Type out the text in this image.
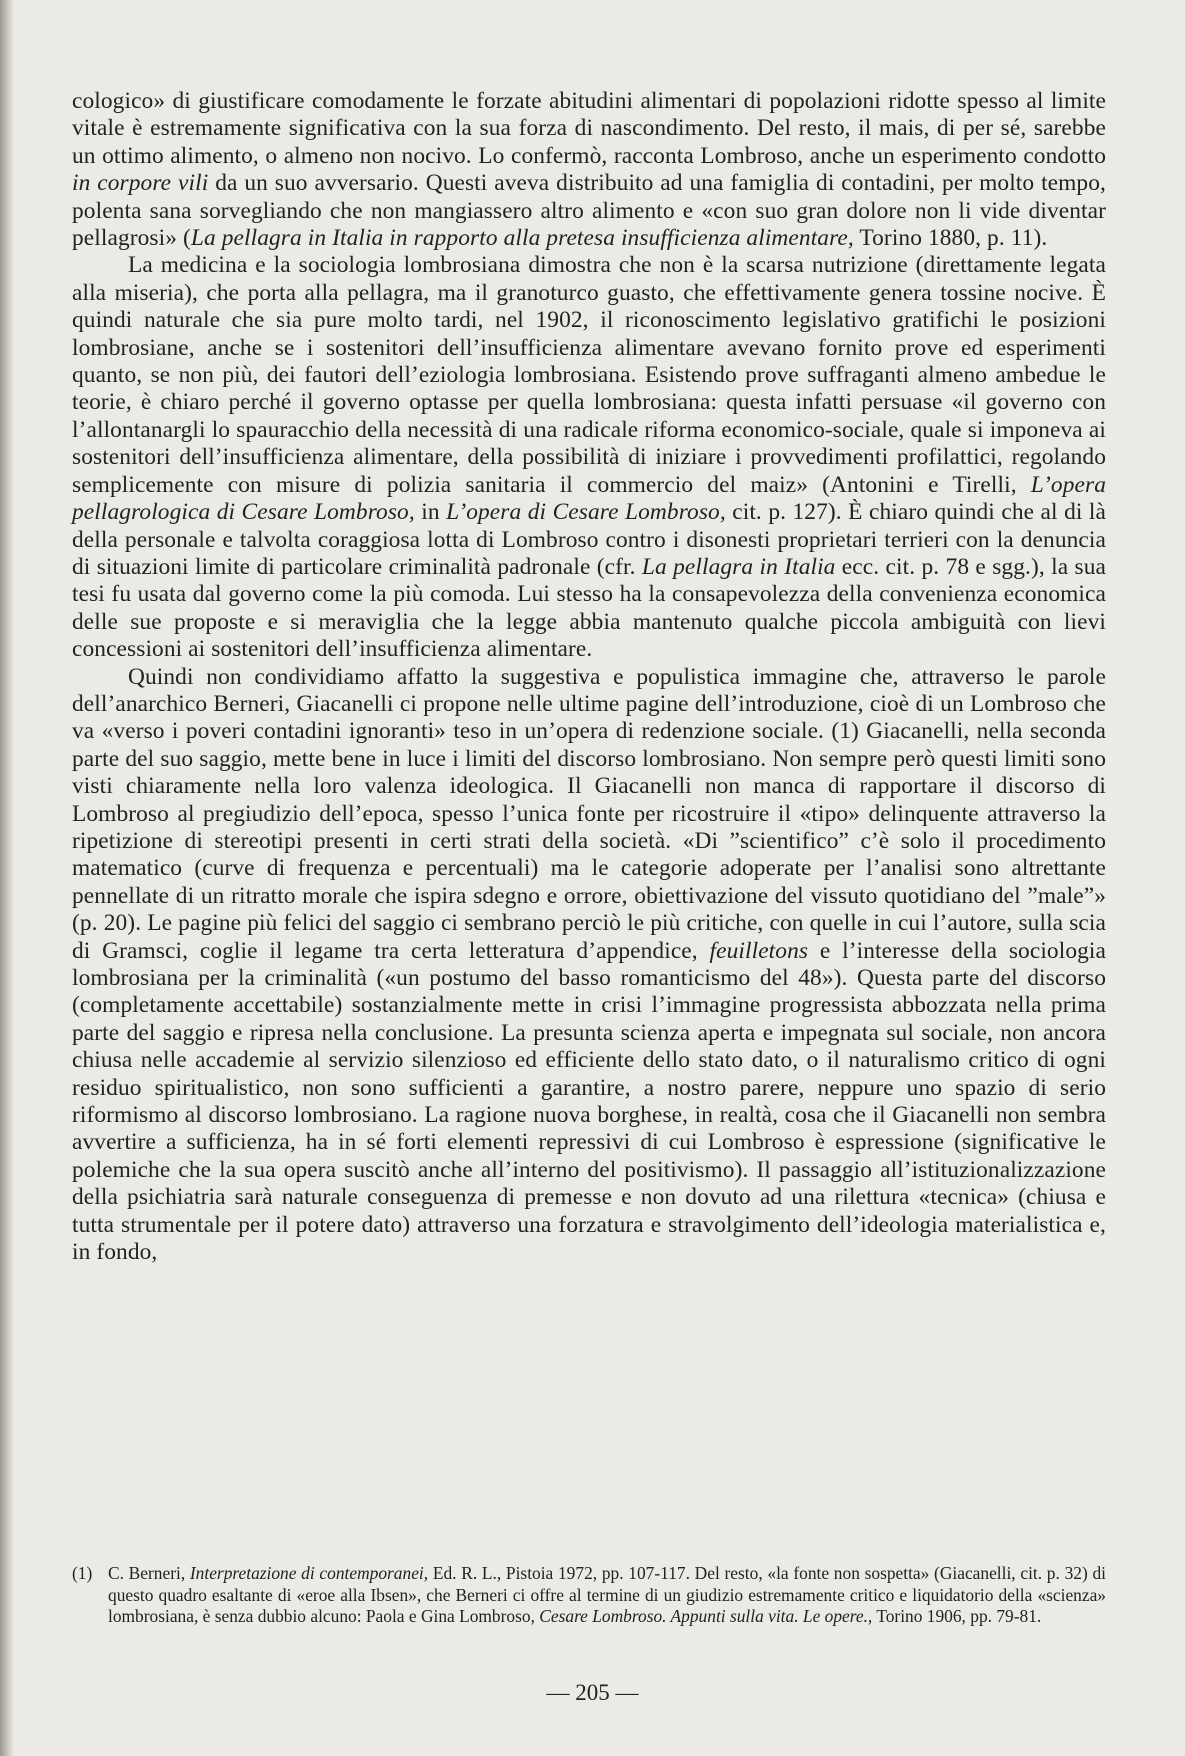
cologico» di giustificare comodamente le forzate abitudini alimentari di popolazioni ridotte spesso al limite vitale è estremamente significativa con la sua forza di nascondimento. Del resto, il mais, di per sé, sarebbe un ottimo alimento, o almeno non nocivo. Lo confermò, racconta Lombroso, anche un esperimento condotto in corpore vili da un suo avversario. Questi aveva distribuito ad una famiglia di contadini, per molto tempo, polenta sana sorvegliando che non mangiassero altro alimento e «con suo gran dolore non li vide diventar pellagrosi» (La pellagra in Italia in rapporto alla pretesa insufficienza alimentare, Torino 1880, p. 11).

La medicina e la sociologia lombrosiana dimostra che non è la scarsa nutrizione (direttamente legata alla miseria), che porta alla pellagra, ma il granoturco guasto, che effettivamente genera tossine nocive. È quindi naturale che sia pure molto tardi, nel 1902, il riconoscimento legislativo gratifichi le posizioni lombrosiane, anche se i sostenitori dell’insufficienza alimentare avevano fornito prove ed esperimenti quanto, se non più, dei fautori dell’eziologia lombrosiana. Esistendo prove suffraganti almeno ambedue le teorie, è chiaro perché il governo optasse per quella lombrosiana: questa infatti persuase «il governo con l’allontanargli lo spauracchio della necessità di una radicale riforma economico-sociale, quale si imponeva ai sostenitori dell’insufficienza alimentare, della possibilità di iniziare i provvedimenti profilattici, regolando semplicemente con misure di polizia sanitaria il commercio del maiz» (Antonini e Tirelli, L’opera pellagrologica di Cesare Lombroso, in L’opera di Cesare Lombroso, cit. p. 127). È chiaro quindi che al di là della personale e talvolta coraggiosa lotta di Lombroso contro i disonesti proprietari terrieri con la denuncia di situazioni limite di particolare criminalità padronale (cfr. La pellagra in Italia ecc. cit. p. 78 e sgg.), la sua tesi fu usata dal governo come la più comoda. Lui stesso ha la consapevolezza della convenienza economica delle sue proposte e si meraviglia che la legge abbia mantenuto qualche piccola ambiguità con lievi concessioni ai sostenitori dell’insufficienza alimentare.

Quindi non condividiamo affatto la suggestiva e populistica immagine che, attraverso le parole dell’anarchico Berneri, Giacanelli ci propone nelle ultime pagine dell’introduzione, cioè di un Lombroso che va «verso i poveri contadini ignoranti» teso in un’opera di redenzione sociale. (1) Giacanelli, nella seconda parte del suo saggio, mette bene in luce i limiti del discorso lombrosiano. Non sempre però questi limiti sono visti chiaramente nella loro valenza ideologica. Il Giacanelli non manca di rapportare il discorso di Lombroso al pregiudizio dell’epoca, spesso l’unica fonte per ricostruire il «tipo» delinquente attraverso la ripetizione di stereotipi presenti in certi strati della società. «Di ”scientifico” c’è solo il procedimento matematico (curve di frequenza e percentuali) ma le categorie adoperate per l’analisi sono altrettante pennellate di un ritratto morale che ispira sdegno e orrore, obiettivazione del vissuto quotidiano del ”male”» (p. 20). Le pagine più felici del saggio ci sembrano perciò le più critiche, con quelle in cui l’autore, sulla scia di Gramsci, coglie il legame tra certa letteratura d’appendice, feuilletons e l’interesse della sociologia lombrosiana per la criminalità («un postumo del basso romanticismo del 48»). Questa parte del discorso (completamente accettabile) sostanzialmente mette in crisi l’immagine progressista abbozzata nella prima parte del saggio e ripresa nella conclusione. La presunta scienza aperta e impegnata sul sociale, non ancora chiusa nelle accademie al servizio silenzioso ed efficiente dello stato dato, o il naturalismo critico di ogni residuo spiritualistico, non sono sufficienti a garantire, a nostro parere, neppure uno spazio di serio riformismo al discorso lombrosiano. La ragione nuova borghese, in realtà, cosa che il Giacanelli non sembra avvertire a sufficienza, ha in sé forti elementi repressivi di cui Lombroso è espressione (significative le polemiche che la sua opera suscitò anche all’interno del positivismo). Il passaggio all’istituzionalizzazione della psichiatria sarà naturale conseguenza di premesse e non dovuto ad una rilettura «tecnica» (chiusa e tutta strumentale per il potere dato) attraverso una forzatura e stravolgimento dell’ideologia materialistica e, in fondo,

(1) C. Berneri, Interpretazione di contemporanei, Ed. R. L., Pistoia 1972, pp. 107-117. Del resto, «la fonte non sospetta» (Giacanelli, cit. p. 32) di questo quadro esaltante di «eroe alla Ibsen», che Berneri ci offre al termine di un giudizio estremamente critico e liquidatorio della «scienza» lombrosiana, è senza dubbio alcuno: Paola e Gina Lombroso, Cesare Lombroso. Appunti sulla vita. Le opere., Torino 1906, pp. 79-81.
— 205 —
